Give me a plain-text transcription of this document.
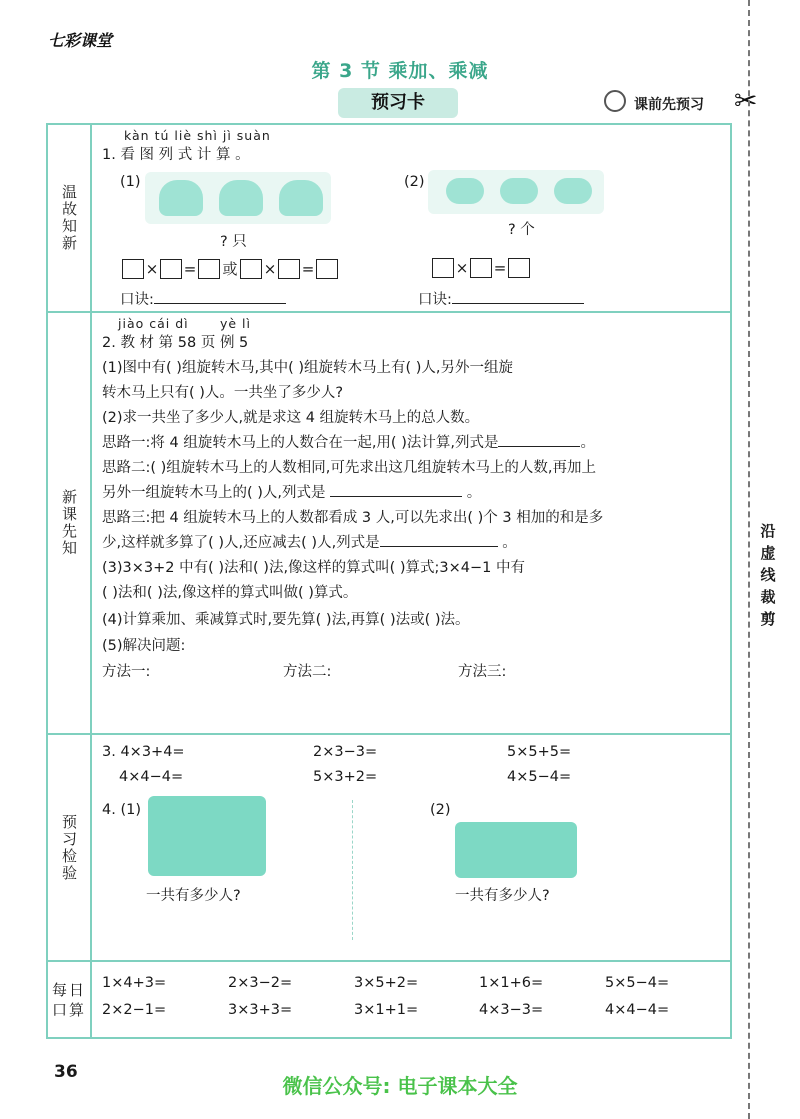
七彩课堂
第 3 节 乘加、乘减
预习卡	课前先预习 ✂
沿
虚
线
裁
剪
温故知新
新课先知
预习检验
每日口算
kàn tú liè shì jì suàn
1. 看 图 列 式 计 算 。
(1)
? 只
× = 或 × =
口诀:
(2)
? 个
× =
口诀:
jiào cái dì	yè lì
2. 教 材 第 58 页 例 5
(1)图中有( )组旋转木马,其中( )组旋转木马上有( )人,另外一组旋
转木马上只有( )人。一共坐了多少人?
(2)求一共坐了多少人,就是求这 4 组旋转木马上的总人数。
思路一:将 4 组旋转木马上的人数合在一起,用( )法计算,列式是	。
思路二:( )组旋转木马上的人数相同,可先求出这几组旋转木马上的人数,再加上
另外一组旋转木马上的( )人,列式是	。
思路三:把 4 组旋转木马上的人数都看成 3 人,可以先求出( )个 3 相加的和是多
少,这样就多算了( )人,还应减去( )人,列式是	。
(3)3×3+2 中有( )法和( )法,像这样的算式叫( )算式;3×4−1 中有
( )法和( )法,像这样的算式叫做( )算式。
(4)计算乘加、乘减算式时,要先算( )法,再算( )法或( )法。
(5)解决问题:
方法一:	方法二:	方法三:
3. 4×3+4=	2×3−3=	5×5+5=
4×4−4=	5×3+2=	4×5−4=
4. (1)
一共有多少人?
(2)
一共有多少人?
1×4+3=	2×3−2=	3×5+2=	1×1+6=	5×5−4=
2×2−1=	3×3+3=	3×1+1=	4×3−3=	4×4−4=
36
微信公众号: 电子课本大全
